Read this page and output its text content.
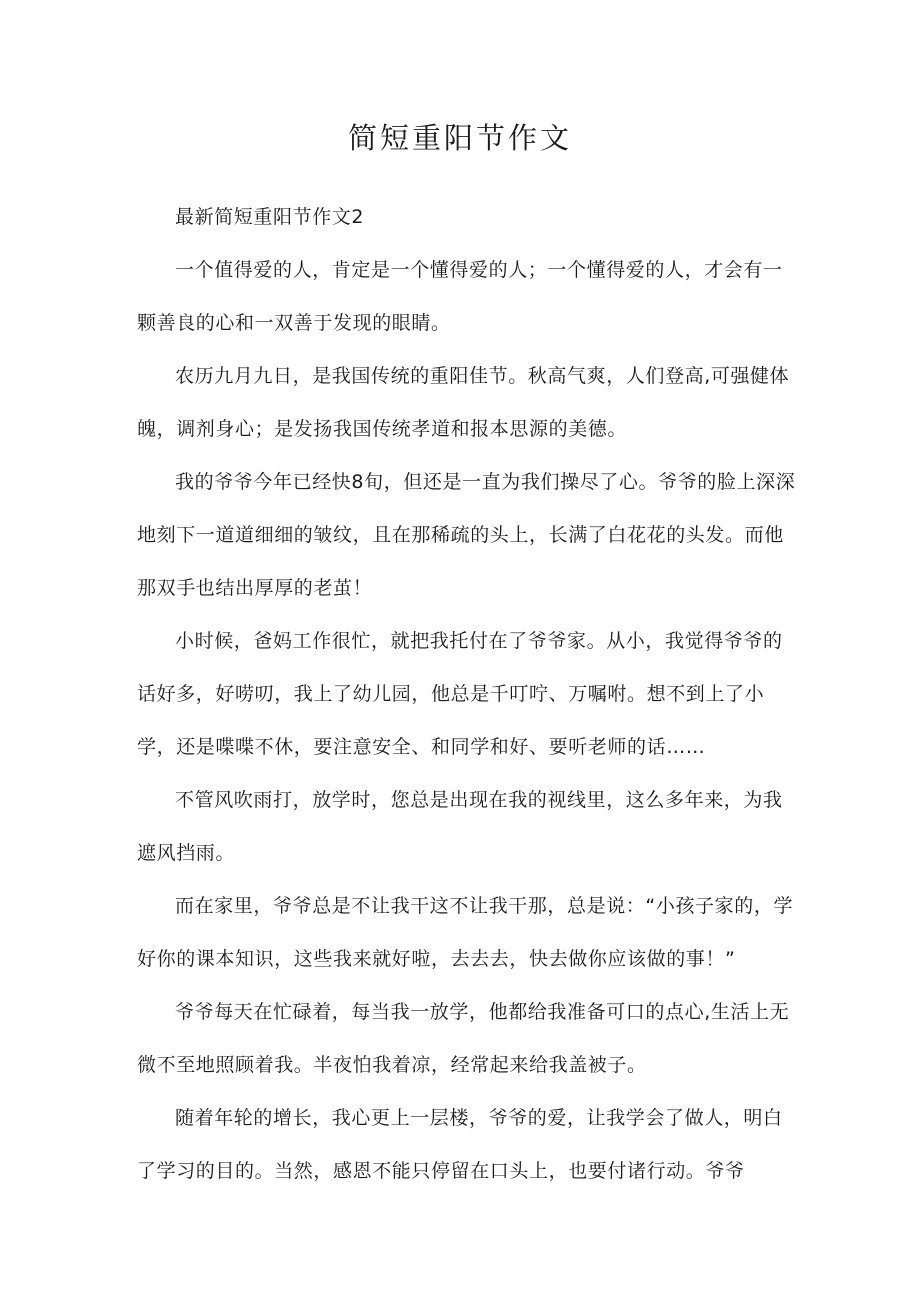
简短重阳节作文

最新简短重阳节作文2

一个值得爱的人，肯定是一个懂得爱的人；一个懂得爱的人，才会有一颗善良的心和一双善于发现的眼睛。

农历九月九日，是我国传统的重阳佳节。秋高气爽，人们登高,可强健体魄，调剂身心；是发扬我国传统孝道和报本思源的美德。

我的爷爷今年已经快8旬，但还是一直为我们操尽了心。爷爷的脸上深深地刻下一道道细细的皱纹，且在那稀疏的头上，长满了白花花的头发。而他那双手也结出厚厚的老茧！

小时候，爸妈工作很忙，就把我托付在了爷爷家。从小，我觉得爷爷的话好多，好唠叨，我上了幼儿园，他总是千叮咛、万嘱咐。想不到上了小学，还是喋喋不休，要注意安全、和同学和好、要听老师的话……

不管风吹雨打，放学时，您总是出现在我的视线里，这么多年来，为我遮风挡雨。

而在家里，爷爷总是不让我干这不让我干那，总是说：“小孩子家的，学好你的课本知识，这些我来就好啦，去去去，快去做你应该做的事！”

爷爷每天在忙碌着，每当我一放学，他都给我准备可口的点心,生活上无微不至地照顾着我。半夜怕我着凉，经常起来给我盖被子。

随着年轮的增长，我心更上一层楼，爷爷的爱，让我学会了做人，明白了学习的目的。当然，感恩不能只停留在口头上，也要付诸行动。爷爷
